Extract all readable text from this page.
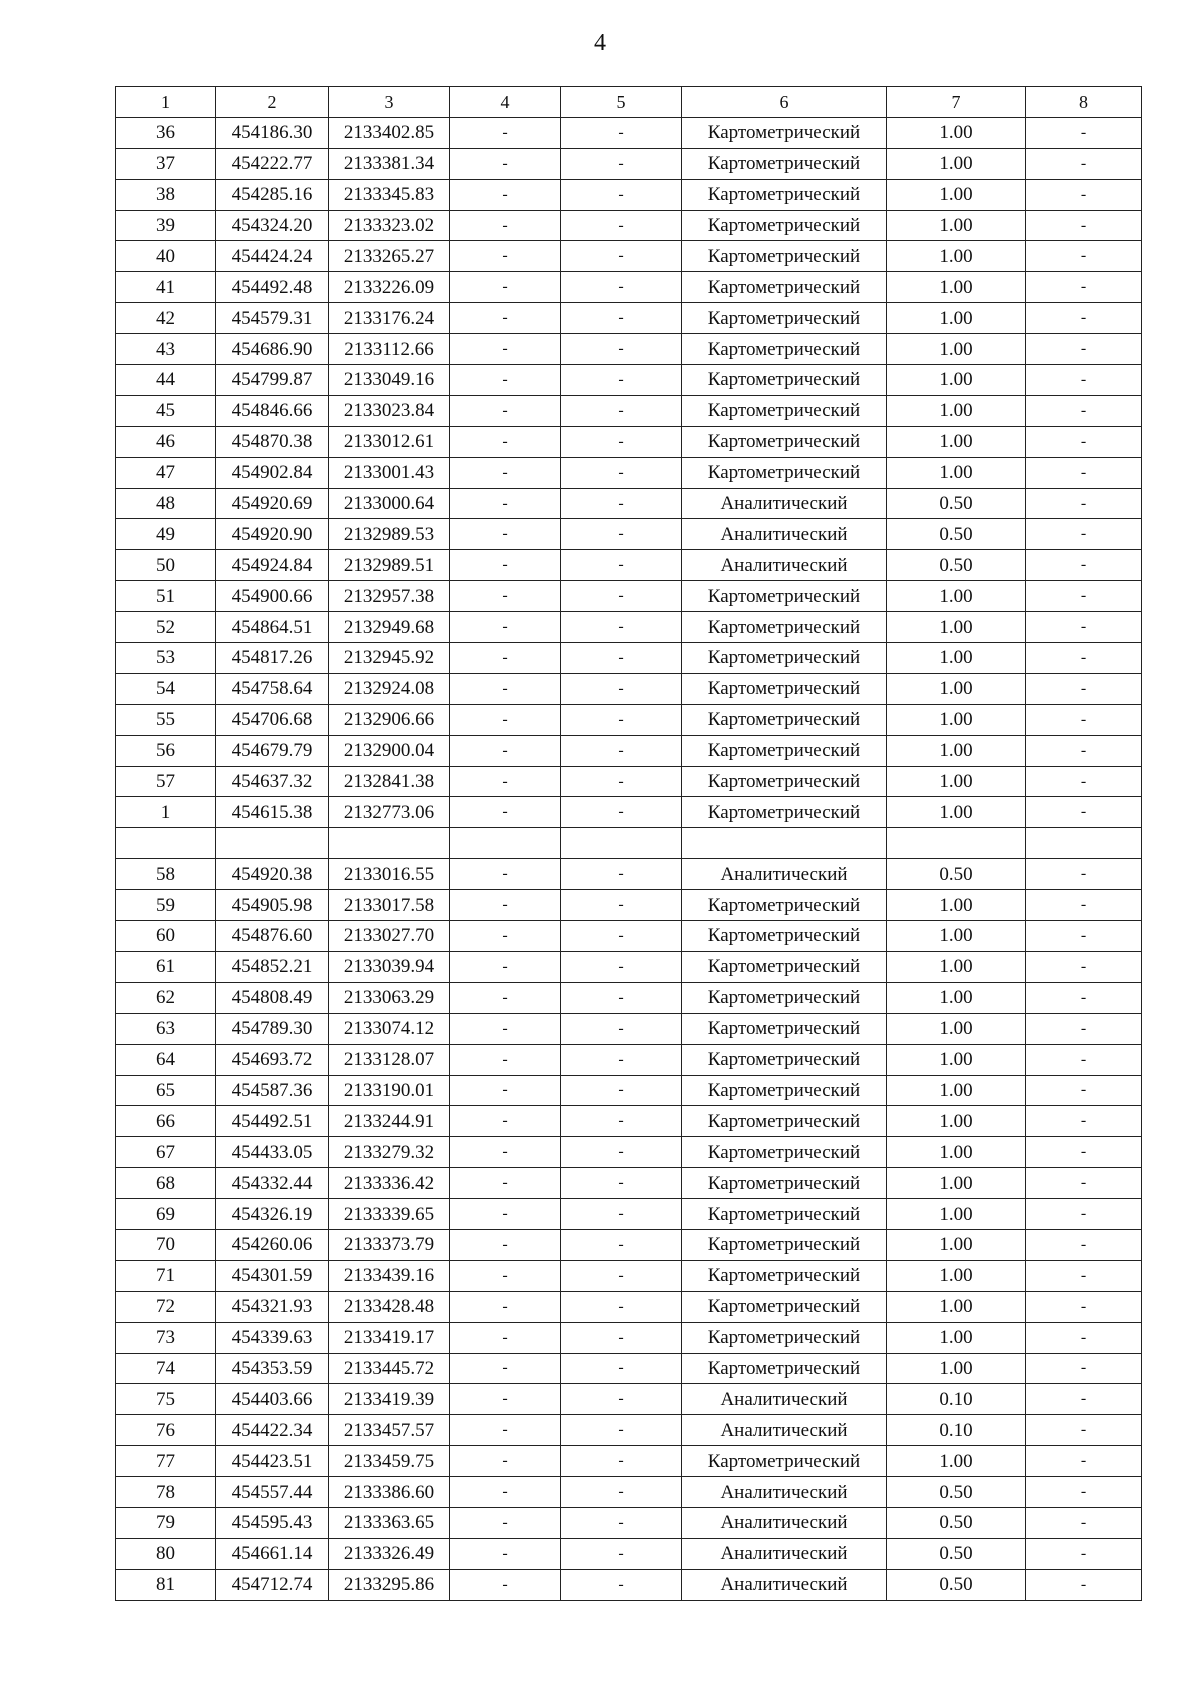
4
1	2	3	4	5	6	7	8
36	454186.30	2133402.85	-	-	Картометрический	1.00	-
37	454222.77	2133381.34	-	-	Картометрический	1.00	-
38	454285.16	2133345.83	-	-	Картометрический	1.00	-
39	454324.20	2133323.02	-	-	Картометрический	1.00	-
40	454424.24	2133265.27	-	-	Картометрический	1.00	-
41	454492.48	2133226.09	-	-	Картометрический	1.00	-
42	454579.31	2133176.24	-	-	Картометрический	1.00	-
43	454686.90	2133112.66	-	-	Картометрический	1.00	-
44	454799.87	2133049.16	-	-	Картометрический	1.00	-
45	454846.66	2133023.84	-	-	Картометрический	1.00	-
46	454870.38	2133012.61	-	-	Картометрический	1.00	-
47	454902.84	2133001.43	-	-	Картометрический	1.00	-
48	454920.69	2133000.64	-	-	Аналитический	0.50	-
49	454920.90	2132989.53	-	-	Аналитический	0.50	-
50	454924.84	2132989.51	-	-	Аналитический	0.50	-
51	454900.66	2132957.38	-	-	Картометрический	1.00	-
52	454864.51	2132949.68	-	-	Картометрический	1.00	-
53	454817.26	2132945.92	-	-	Картометрический	1.00	-
54	454758.64	2132924.08	-	-	Картометрический	1.00	-
55	454706.68	2132906.66	-	-	Картометрический	1.00	-
56	454679.79	2132900.04	-	-	Картометрический	1.00	-
57	454637.32	2132841.38	-	-	Картометрический	1.00	-
1	454615.38	2132773.06	-	-	Картометрический	1.00	-

58	454920.38	2133016.55	-	-	Аналитический	0.50	-
59	454905.98	2133017.58	-	-	Картометрический	1.00	-
60	454876.60	2133027.70	-	-	Картометрический	1.00	-
61	454852.21	2133039.94	-	-	Картометрический	1.00	-
62	454808.49	2133063.29	-	-	Картометрический	1.00	-
63	454789.30	2133074.12	-	-	Картометрический	1.00	-
64	454693.72	2133128.07	-	-	Картометрический	1.00	-
65	454587.36	2133190.01	-	-	Картометрический	1.00	-
66	454492.51	2133244.91	-	-	Картометрический	1.00	-
67	454433.05	2133279.32	-	-	Картометрический	1.00	-
68	454332.44	2133336.42	-	-	Картометрический	1.00	-
69	454326.19	2133339.65	-	-	Картометрический	1.00	-
70	454260.06	2133373.79	-	-	Картометрический	1.00	-
71	454301.59	2133439.16	-	-	Картометрический	1.00	-
72	454321.93	2133428.48	-	-	Картометрический	1.00	-
73	454339.63	2133419.17	-	-	Картометрический	1.00	-
74	454353.59	2133445.72	-	-	Картометрический	1.00	-
75	454403.66	2133419.39	-	-	Аналитический	0.10	-
76	454422.34	2133457.57	-	-	Аналитический	0.10	-
77	454423.51	2133459.75	-	-	Картометрический	1.00	-
78	454557.44	2133386.60	-	-	Аналитический	0.50	-
79	454595.43	2133363.65	-	-	Аналитический	0.50	-
80	454661.14	2133326.49	-	-	Аналитический	0.50	-
81	454712.74	2133295.86	-	-	Аналитический	0.50	-
